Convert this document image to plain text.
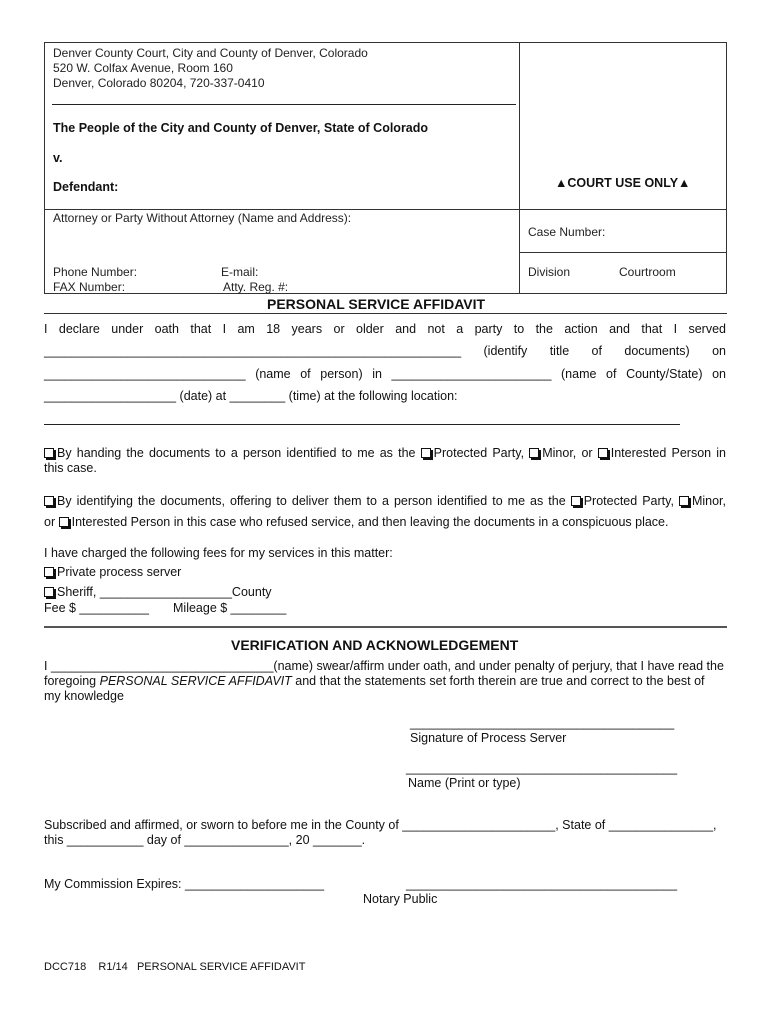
Denver County Court, City and County of Denver, Colorado
520 W. Colfax Avenue, Room 160
Denver, Colorado 80204, 720-337-0410
The People of the City and County of Denver, State of Colorado
v.
Defendant:	▲COURT USE ONLY▲
Attorney or Party Without Attorney (Name and Address):
Case Number:
Phone Number:	E-mail:
FAX Number:	Atty. Reg. #:
Division	Courtroom
PERSONAL SERVICE AFFIDAVIT
I declare under oath that I am 18 years or older and not a party to the action and that I served
____________________________________________________________ (identify title of documents) on
_____________________________ (name of person) in _______________________ (name of County/State) on
___________________ (date) at ________ (time) at the following location:
By handing the documents to a person identified to me as the Protected Party, Minor, or Interested Person in
this case.
By identifying the documents, offering to deliver them to a person identified to me as the Protected Party, Minor,
or Interested Person in this case who refused service, and then leaving the documents in a conspicuous place.
I have charged the following fees for my services in this matter:
Private process server
Sheriff, ___________________County
Fee $ __________ Mileage $ ________
VERIFICATION AND ACKNOWLEDGEMENT
I ________________________________(name) swear/affirm under oath, and under penalty of perjury, that I have read the
foregoing PERSONAL SERVICE AFFIDAVIT and that the statements set forth therein are true and correct to the best of
my knowledge
______________________________________
Signature of Process Server
_______________________________________
Name (Print or type)
Subscribed and affirmed, or sworn to before me in the County of ______________________, State of _______________,
this ___________ day of _______________, 20 _______.
My Commission Expires: ____________________	_______________________________________
Notary Public
DCC718 R1/14 PERSONAL SERVICE AFFIDAVIT
